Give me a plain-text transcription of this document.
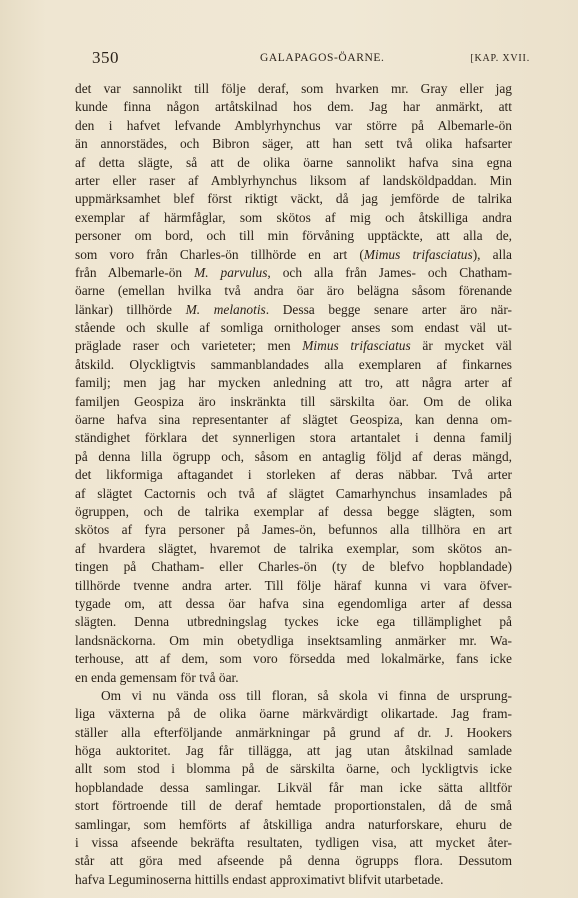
350	GALAPAGOS-ÖARNE.	[KAP. XVII.
det var sannolikt till följe deraf, som hvarken mr. Gray eller jag
kunde finna någon artåtskilnad hos dem. Jag har anmärkt, att
den i hafvet lefvande Amblyrhynchus var större på Albemarle-ön
än annorstädes, och Bibron säger, att han sett två olika hafsarter
af detta slägte, så att de olika öarne sannolikt hafva sina egna
arter eller raser af Amblyrhynchus liksom af landsköldpaddan. Min
uppmärksamhet blef först riktigt väckt, då jag jemförde de talrika
exemplar af härmfåglar, som skötos af mig och åtskilliga andra
personer om bord, och till min förvåning upptäckte, att alla de,
som voro från Charles-ön tillhörde en art (Mimus trifasciatus), alla
från Albemarle-ön M. parvulus, och alla från James- och Chatham-
öarne (emellan hvilka två andra öar äro belägna såsom förenande
länkar) tillhörde M. melanotis. Dessa begge senare arter äro när-
stående och skulle af somliga ornithologer anses som endast väl ut-
präglade raser och varieteter; men Mimus trifasciatus är mycket väl
åtskild. Olyckligtvis sammanblandades alla exemplaren af finkarnes
familj; men jag har mycken anledning att tro, att några arter af
familjen Geospiza äro inskränkta till särskilta öar. Om de olika
öarne hafva sina representanter af slägtet Geospiza, kan denna om-
ständighet förklara det synnerligen stora artantalet i denna familj
på denna lilla ögrupp och, såsom en antaglig följd af deras mängd,
det likformiga aftagandet i storleken af deras näbbar. Två arter
af slägtet Cactornis och två af slägtet Camarhynchus insamlades på
ögruppen, och de talrika exemplar af dessa begge slägten, som
skötos af fyra personer på James-ön, befunnos alla tillhöra en art
af hvardera slägtet, hvaremot de talrika exemplar, som skötos an-
tingen på Chatham- eller Charles-ön (ty de blefvo hopblandade)
tillhörde tvenne andra arter. Till följe häraf kunna vi vara öfver-
tygade om, att dessa öar hafva sina egendomliga arter af dessa
slägten. Denna utbredningslag tyckes icke ega tillämplighet på
landsnäckorna. Om min obetydliga insektsamling anmärker mr. Wa-
terhouse, att af dem, som voro försedda med lokalmärke, fans icke
en enda gemensam för två öar.
Om vi nu vända oss till floran, så skola vi finna de ursprung-
liga växterna på de olika öarne märkvärdigt olikartade. Jag fram-
ställer alla efterföljande anmärkningar på grund af dr. J. Hookers
höga auktoritet. Jag får tillägga, att jag utan åtskilnad samlade
allt som stod i blomma på de särskilta öarne, och lyckligtvis icke
hopblandade dessa samlingar. Likväl får man icke sätta alltför
stort förtroende till de deraf hemtade proportionstalen, då de små
samlingar, som hemförts af åtskilliga andra naturforskare, ehuru de
i vissa afseende bekräfta resultaten, tydligen visa, att mycket åter-
står att göra med afseende på denna ögrupps flora. Dessutom
hafva Leguminoserna hittills endast approximativt blifvit utarbetade.
